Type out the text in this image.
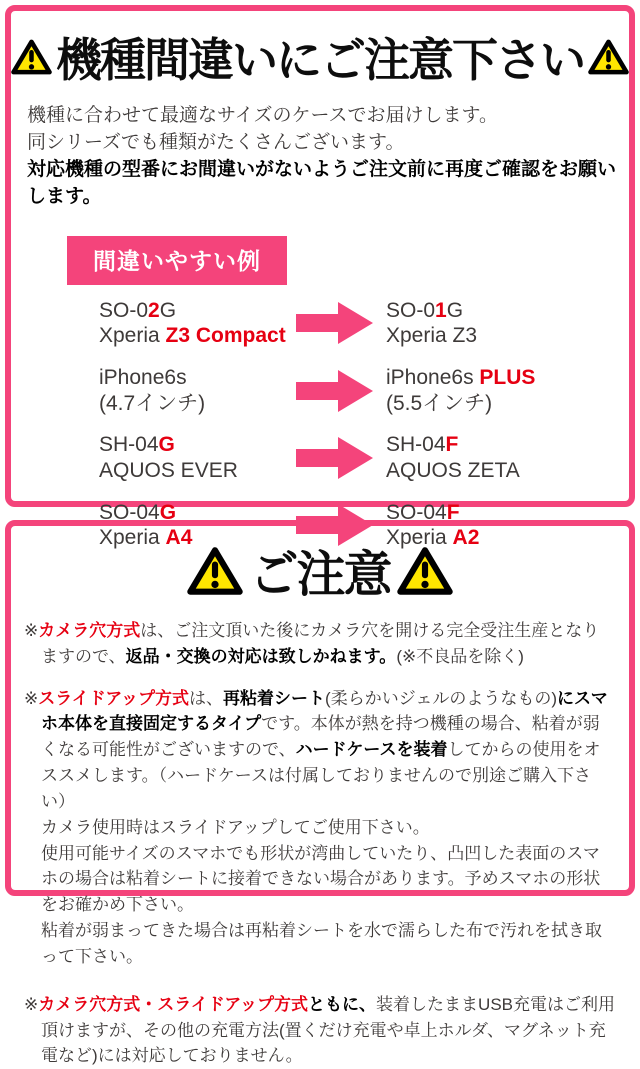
機種間違いにご注意下さい
機種に合わせて最適なサイズのケースでお届けします。
同シリーズでも種類がたくさんございます。
対応機種の型番にお間違いがないようご注文前に再度ご確認をお願いします。
間違いやすい例
SO-02G
Xperia Z3 Compact
SO-01G
Xperia Z3
iPhone6s
(4.7インチ)
iPhone6s PLUS
(5.5インチ)
SH-04G
AQUOS EVER
SH-04F
AQUOS ZETA
SO-04G
Xperia A4
SO-04F
Xperia A2
ご注意
※カメラ穴方式は、ご注文頂いた後にカメラ穴を開ける完全受注生産となりますので、返品・交換の対応は致しかねます。(※不良品を除く)
※スライドアップ方式は、再粘着シート(柔らかいジェルのようなもの)にスマホ本体を直接固定するタイプです。本体が熱を持つ機種の場合、粘着が弱くなる可能性がございますので、ハードケースを装着してからの使用をオススメします。（ハードケースは付属しておりませんので別途ご購入下さい）
カメラ使用時はスライドアップしてご使用下さい。
使用可能サイズのスマホでも形状が湾曲していたり、凸凹した表面のスマホの場合は粘着シートに接着できない場合があります。予めスマホの形状をお確かめ下さい。
粘着が弱まってきた場合は再粘着シートを水で濡らした布で汚れを拭き取って下さい。
※カメラ穴方式・スライドアップ方式ともに、装着したままUSB充電はご利用頂けますが、その他の充電方法(置くだけ充電や卓上ホルダ、マグネット充電など)には対応しておりません。
